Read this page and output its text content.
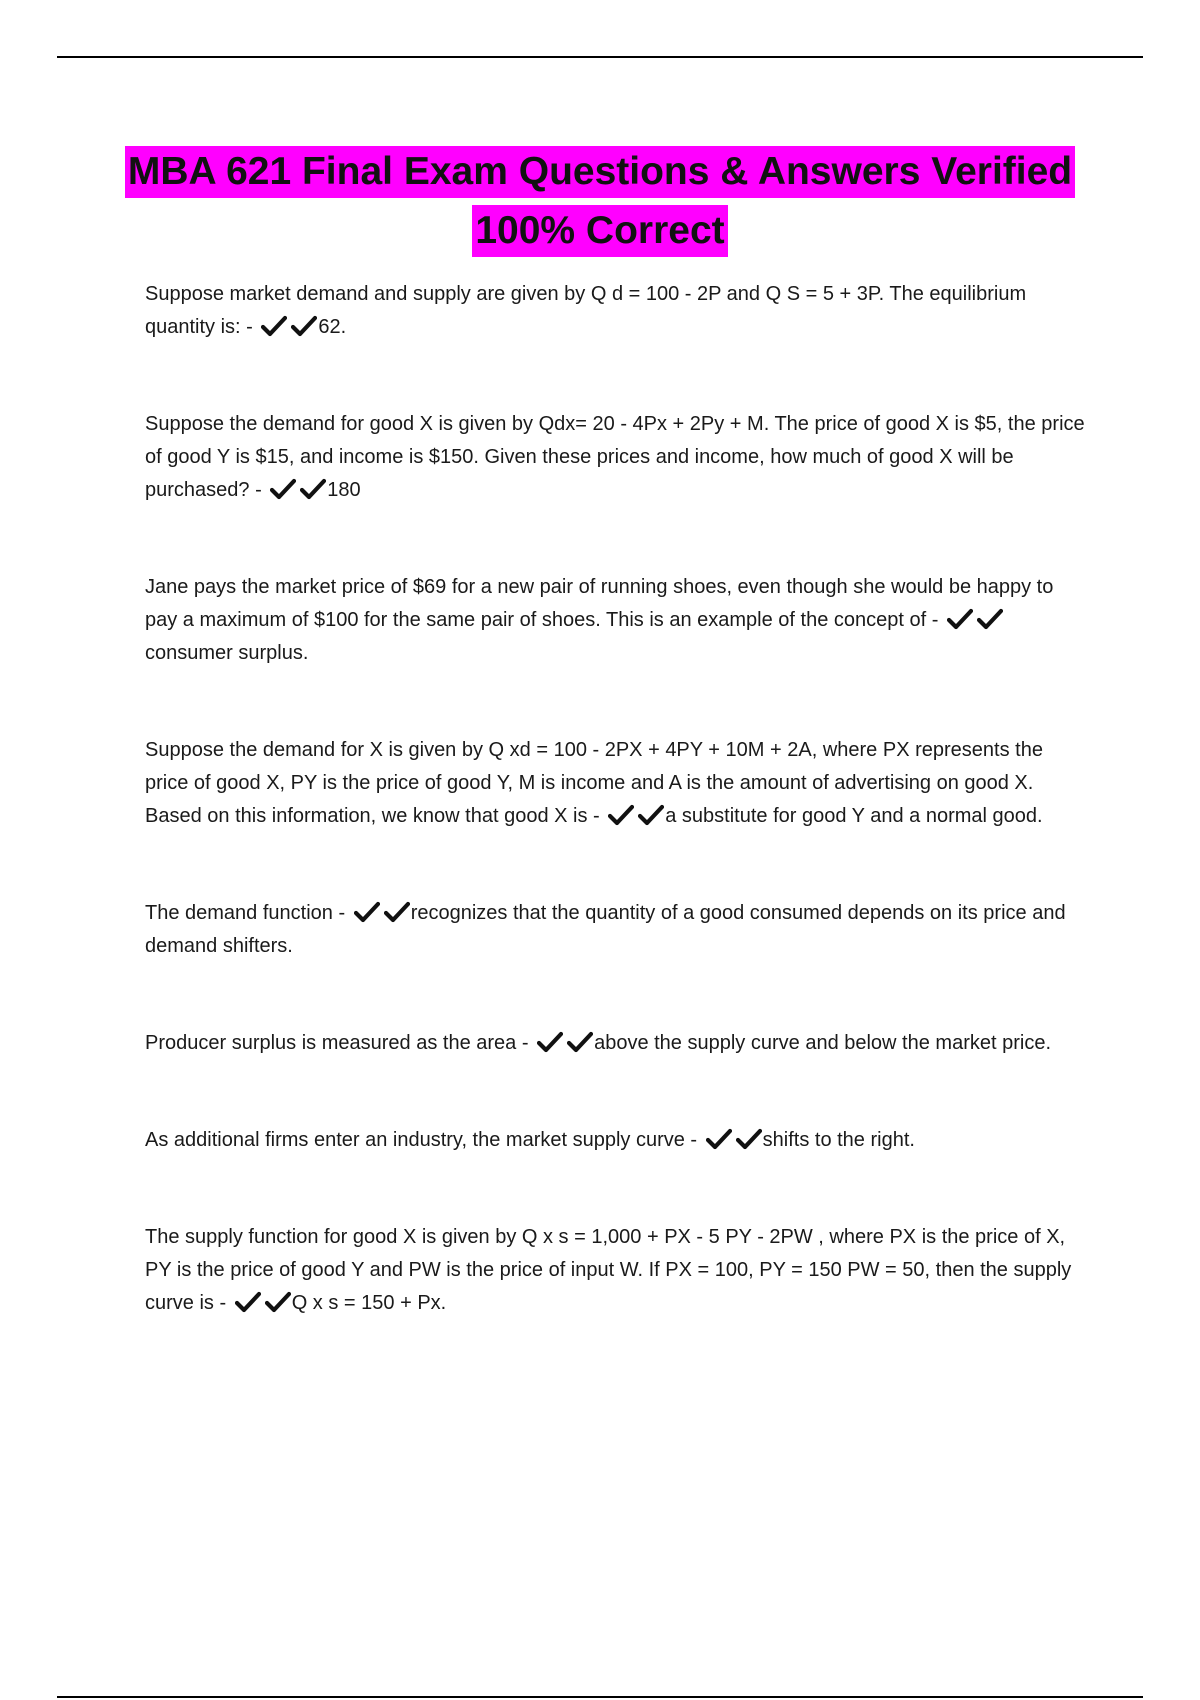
MBA 621 Final Exam Questions & Answers Verified
100% Correct

Suppose market demand and supply are given by Q d = 100 - 2P and Q S = 5 + 3P. The equilibrium quantity is: -	62.

Suppose the demand for good X is given by Qdx= 20 - 4Px + 2Py + M. The price of good X is $5, the price of good Y is $15, and income is $150. Given these prices and income, how much of good X will be purchased? -	180

Jane pays the market price of $69 for a new pair of running shoes, even though she would be happy to pay a maximum of $100 for the same pair of shoes. This is an example of the concept of -
consumer surplus.

Suppose the demand for X is given by Q xd = 100 - 2PX + 4PY + 10M + 2A, where PX represents the price of good X, PY is the price of good Y, M is income and A is the amount of advertising on good X. Based on this information, we know that good X is -	a substitute for good Y and a normal good.

The demand function -	recognizes that the quantity of a good consumed depends on its price and demand shifters.

Producer surplus is measured as the area -	above the supply curve and below the market price.

As additional firms enter an industry, the market supply curve -	shifts to the right.

The supply function for good X is given by Q x s = 1,000 + PX - 5 PY - 2PW , where PX is the price of X, PY is the price of good Y and PW is the price of input W. If PX = 100, PY = 150 PW = 50, then the supply curve is -	Q x s = 150 + Px.
